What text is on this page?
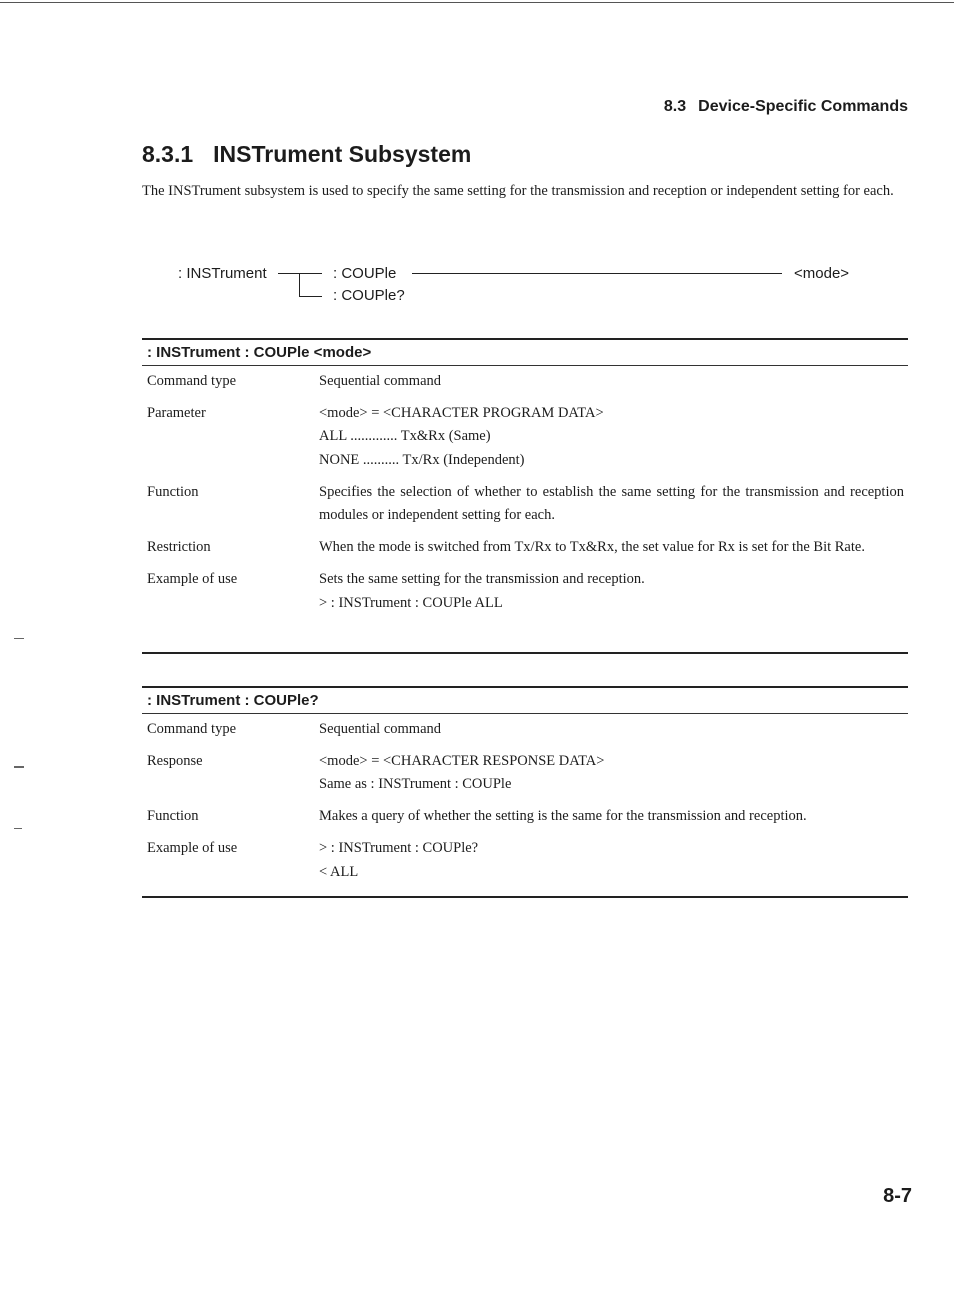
8.3 Device-Specific Commands
8.3.1 INSTrument Subsystem

The INSTrument subsystem is used to specify the same setting for the transmission and reception or independent setting for each.

: INSTrument	: COUPle
: COUPle?
<mode>
: INSTrument : COUPle <mode>
Command type	Sequential command
Parameter	<mode> = <CHARACTER PROGRAM DATA>
ALL ............. Tx&Rx (Same)
NONE .......... Tx/Rx (Independent)
Function	Specifies the selection of whether to establish the same setting for the transmission and reception modules or independent setting for each.
Restriction	When the mode is switched from Tx/Rx to Tx&Rx, the set value for Rx is set for the Bit Rate.
Example of use	Sets the same setting for the transmission and reception.
> : INSTrument : COUPle ALL
: INSTrument : COUPle?
Command type	Sequential command
Response	<mode> = <CHARACTER RESPONSE DATA>
Same as : INSTrument : COUPle
Function	Makes a query of whether the setting is the same for the transmission and reception.
Example of use	> : INSTrument : COUPle?
< ALL
8-7
